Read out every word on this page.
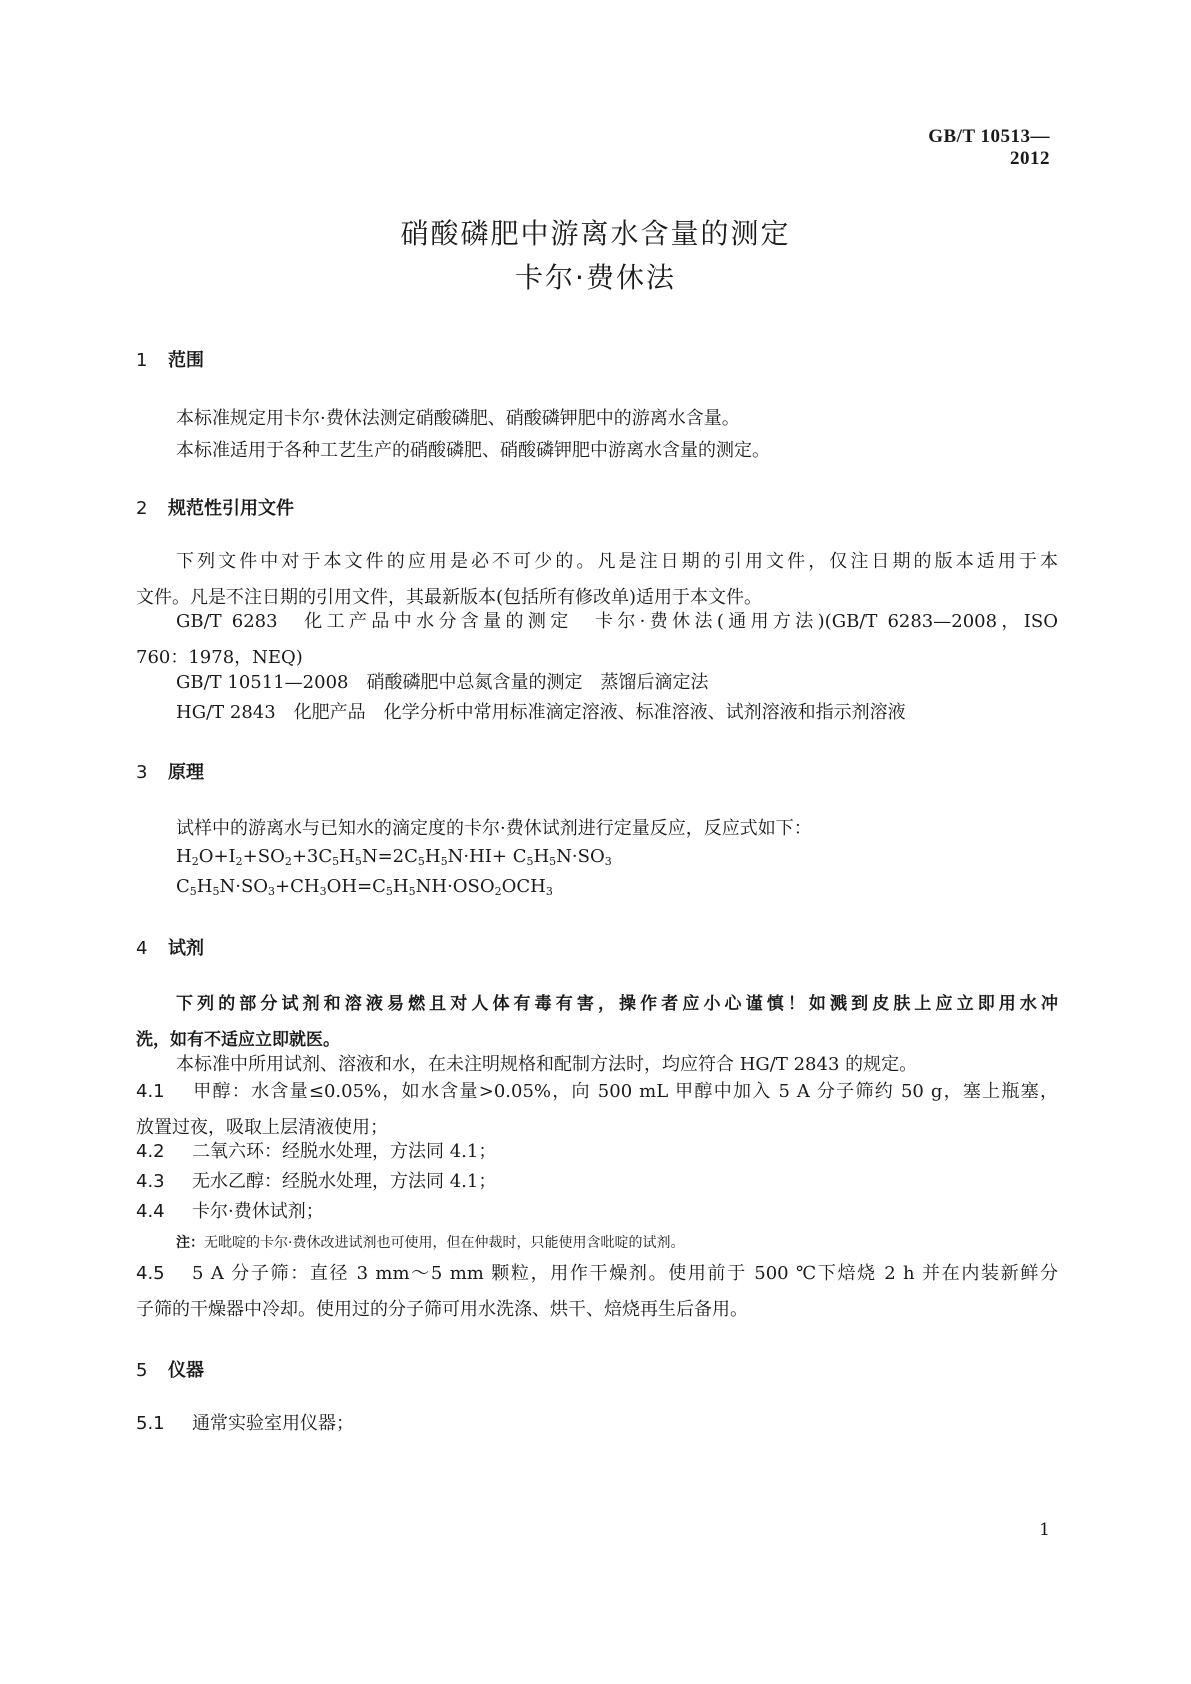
GB/T 10513—2012
硝酸磷肥中游离水含量的测定
卡尔·费休法
1 范围
本标准规定用卡尔·费休法测定硝酸磷肥、硝酸磷钾肥中的游离水含量。
本标准适用于各种工艺生产的硝酸磷肥、硝酸磷钾肥中游离水含量的测定。
2 规范性引用文件
下列文件中对于本文件的应用是必不可少的。凡是注日期的引用文件，仅注日期的版本适用于本
文件。凡是不注日期的引用文件，其最新版本(包括所有修改单)适用于本文件。
GB/T 6283　化工产品中水分含量的测定　卡尔·费休法(通用方法)(GB/T 6283—2008，ISO
760：1978，NEQ)
GB/T 10511—2008　硝酸磷肥中总氮含量的测定　蒸馏后滴定法
HG/T 2843　化肥产品　化学分析中常用标准滴定溶液、标准溶液、试剂溶液和指示剂溶液
3 原理
试样中的游离水与已知水的滴定度的卡尔·费休试剂进行定量反应，反应式如下：
$H_2O+I_2+SO_2+3C_5H_5N=2C_5H_5N\cdot HI+ C_5H_5N\cdot SO_3$
$C_5H_5N\cdot SO_3+CH_3OH=C_5H_5NH\cdot OSO_2OCH_3$
4 试剂
下列的部分试剂和溶液易燃且对人体有毒有害，操作者应小心谨慎！如溅到皮肤上应立即用水冲
洗，如有不适应立即就医。
本标准中所用试剂、溶液和水，在未注明规格和配制方法时，均应符合 HG/T 2843 的规定。
4.1 甲醇：水含量≤0.05%，如水含量>0.05%，向 500 mL 甲醇中加入 5 A 分子筛约 50 g，塞上瓶塞，
放置过夜，吸取上层清液使用；
4.2 二氧六环：经脱水处理，方法同 4.1；
4.3 无水乙醇：经脱水处理，方法同 4.1；
4.4 卡尔·费休试剂；
注：无吡啶的卡尔·费休改进试剂也可使用，但在仲裁时，只能使用含吡啶的试剂。
4.5 5 A 分子筛：直径 3 mm～5 mm 颗粒，用作干燥剂。使用前于 500 ℃下焙烧 2 h 并在内装新鲜分
子筛的干燥器中冷却。使用过的分子筛可用水洗涤、烘干、焙烧再生后备用。
5 仪器
5.1 通常实验室用仪器；
1
